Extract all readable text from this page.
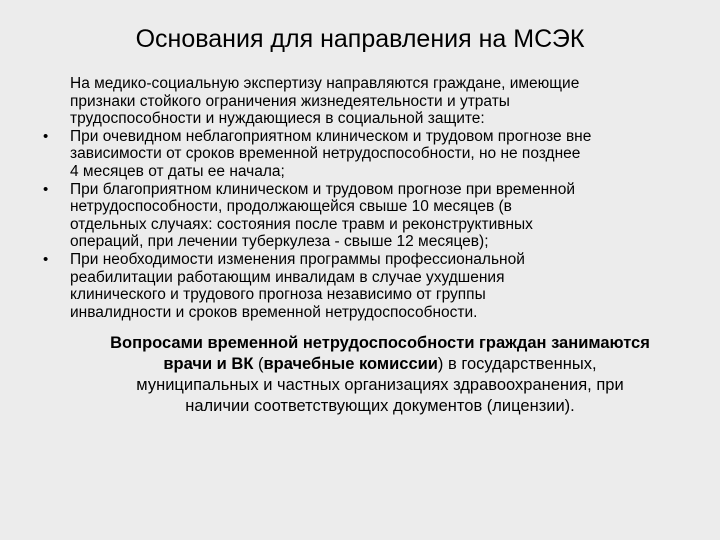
Основания для направления на МСЭК
На медико-социальную экспертизу направляются граждане, имеющие
признаки стойкого ограничения жизнедеятельности и утраты
трудоспособности и нуждающиеся в социальной защите:
• При очевидном неблагоприятном клиническом и трудовом прогнозе вне
зависимости от сроков временной нетрудоспособности, но не позднее
4 месяцев от даты ее начала;
• При благоприятном клиническом и трудовом прогнозе при временной
нетрудоспособности, продолжающейся свыше 10 месяцев (в
отдельных случаях: состояния после травм и реконструктивных
операций, при лечении туберкулеза - свыше 12 месяцев);
• При необходимости изменения программы профессиональной
реабилитации работающим инвалидам в случае ухудшения
клинического и трудового прогноза независимо от группы
инвалидности и сроков временной нетрудоспособности.
Вопросами временной нетрудоспособности граждан занимаются
врачи и ВК (врачебные комиссии) в государственных,
муниципальных и частных организациях здравоохранения, при
наличии соответствующих документов (лицензии).
